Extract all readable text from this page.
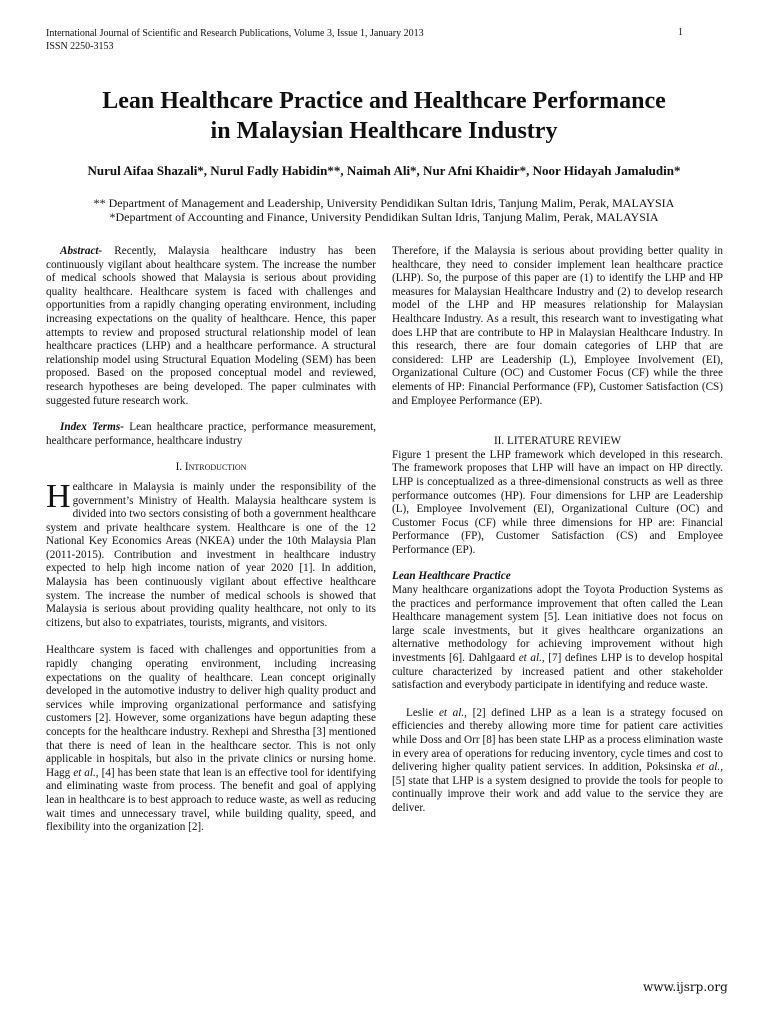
International Journal of Scientific and Research Publications, Volume 3, Issue 1, January 2013
ISSN 2250-3153
1
Lean Healthcare Practice and Healthcare Performance
in Malaysian Healthcare Industry
Nurul Aifaa Shazali*, Nurul Fadly Habidin**, Naimah Ali*, Nur Afni Khaidir*, Noor Hidayah Jamaludin*
** Department of Management and Leadership, University Pendidikan Sultan Idris, Tanjung Malim, Perak, MALAYSIA
*Department of Accounting and Finance, University Pendidikan Sultan Idris, Tanjung Malim, Perak, MALAYSIA

Abstract- Recently, Malaysia healthcare industry has been continuously vigilant about healthcare system. The increase the number of medical schools showed that Malaysia is serious about providing quality healthcare. Healthcare system is faced with challenges and opportunities from a rapidly changing operating environment, including increasing expectations on the quality of healthcare. Hence, this paper attempts to review and proposed structural relationship model of lean healthcare practices (LHP) and a healthcare performance. A structural relationship model using Structural Equation Modeling (SEM) has been proposed. Based on the proposed conceptual model and reviewed, research hypotheses are being developed. The paper culminates with suggested future research work.

Index Terms- Lean healthcare practice, performance measurement, healthcare performance, healthcare industry

I. Introduction

Healthcare in Malaysia is mainly under the responsibility of the government’s Ministry of Health. Malaysia healthcare system is divided into two sectors consisting of both a government healthcare system and private healthcare system. Healthcare is one of the 12 National Key Economics Areas (NKEA) under the 10th Malaysia Plan (2011-2015). Contribution and investment in healthcare industry expected to help high income nation of year 2020 [1]. In addition, Malaysia has been continuously vigilant about effective healthcare system. The increase the number of medical schools is showed that Malaysia is serious about providing quality healthcare, not only to its citizens, but also to expatriates, tourists, migrants, and visitors.

Healthcare system is faced with challenges and opportunities from a rapidly changing operating environment, including increasing expectations on the quality of healthcare. Lean concept originally developed in the automotive industry to deliver high quality product and services while improving organizational performance and satisfying customers [2]. However, some organizations have begun adapting these concepts for the healthcare industry. Rexhepi and Shrestha [3] mentioned that there is need of lean in the healthcare sector. This is not only applicable in hospitals, but also in the private clinics or nursing home. Hagg et al., [4] has been state that lean is an effective tool for identifying and eliminating waste from process. The benefit and goal of applying lean in healthcare is to best approach to reduce waste, as well as reducing wait times and unnecessary travel, while building quality, speed, and flexibility into the organization [2].

Therefore, if the Malaysia is serious about providing better quality in healthcare, they need to consider implement lean healthcare practice (LHP). So, the purpose of this paper are (1) to identify the LHP and HP measures for Malaysian Healthcare Industry and (2) to develop research model of the LHP and HP measures relationship for Malaysian Healthcare Industry. As a result, this research want to investigating what does LHP that are contribute to HP in Malaysian Healthcare Industry. In this research, there are four domain categories of LHP that are considered: LHP are Leadership (L), Employee Involvement (EI), Organizational Culture (OC) and Customer Focus (CF) while the three elements of HP: Financial Performance (FP), Customer Satisfaction (CS) and Employee Performance (EP).

II. LITERATURE REVIEW

Figure 1 present the LHP framework which developed in this research. The framework proposes that LHP will have an impact on HP directly. LHP is conceptualized as a three-dimensional constructs as well as three performance outcomes (HP). Four dimensions for LHP are Leadership (L), Employee Involvement (EI), Organizational Culture (OC) and Customer Focus (CF) while three dimensions for HP are: Financial Performance (FP), Customer Satisfaction (CS) and Employee Performance (EP).

Lean Healthcare Practice

Many healthcare organizations adopt the Toyota Production Systems as the practices and performance improvement that often called the Lean Healthcare management system [5]. Lean initiative does not focus on large scale investments, but it gives healthcare organizations an alternative methodology for achieving improvement without high investments [6]. Dahlgaard et al., [7] defines LHP is to develop hospital culture characterized by increased patient and other stakeholder satisfaction and everybody participate in identifying and reduce waste.

Leslie et al., [2] defined LHP as a lean is a strategy focused on efficiencies and thereby allowing more time for patient care activities while Doss and Orr [8] has been state LHP as a process elimination waste in every area of operations for reducing inventory, cycle times and cost to delivering higher quality patient services. In addition, Poksinska et al., [5] state that LHP is a system designed to provide the tools for people to continually improve their work and add value to the service they are deliver.

www.ijsrp.org
